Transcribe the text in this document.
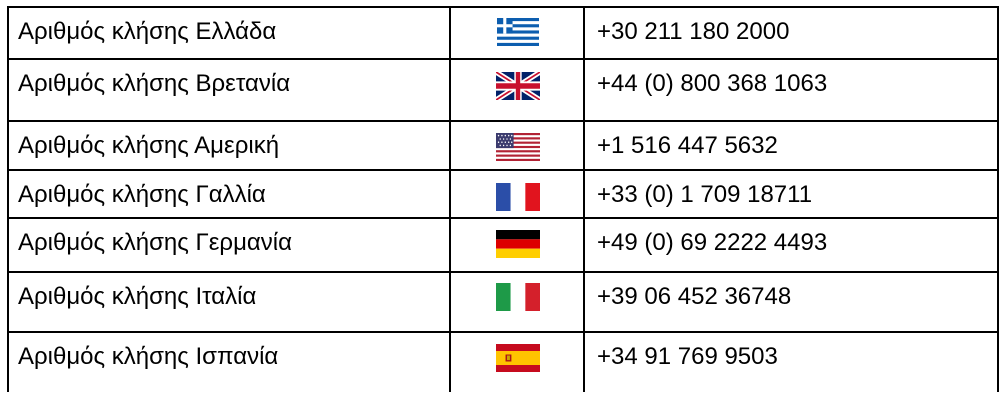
Αριθμός κλήσης Ελλάδα		+30 211 180 2000

Αριθμός κλήσης Βρετανία		+44 (0) 800 368 1063

Αριθμός κλήσης Αμερική		+1 516 447 5632

Αριθμός κλήσης Γαλλία		+33 (0) 1 709 18711

Αριθμός κλήσης Γερμανία		+49 (0) 69 2222 4493

Αριθμός κλήσης Ιταλία		+39 06 452 36748

Αριθμός κλήσης Ισπανία		+34 91 769 9503
